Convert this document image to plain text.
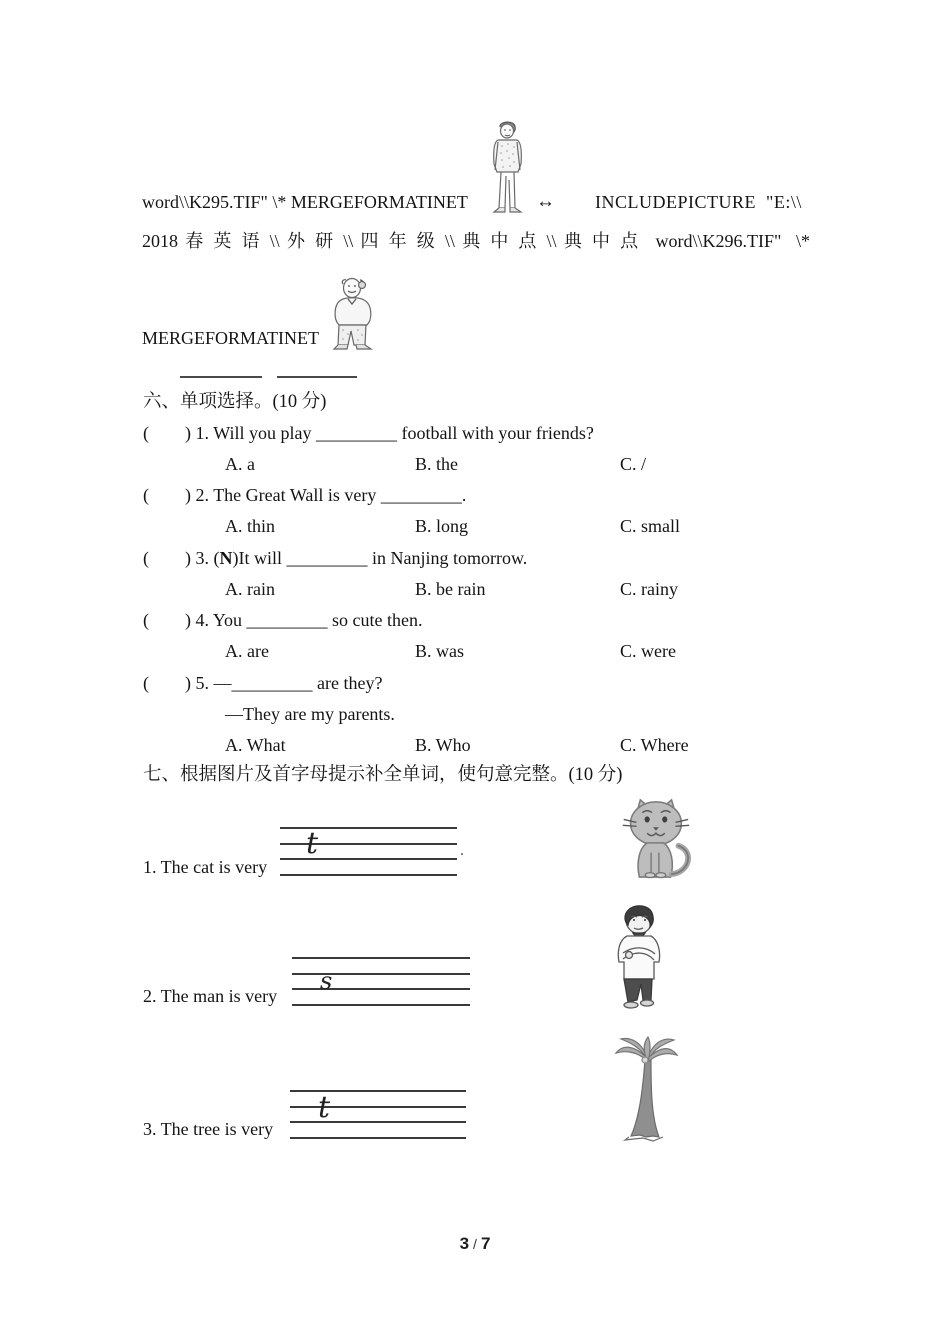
word\\K295.TIF" \* MERGEFORMATINET	↔ INCLUDEPICTURE  "E:\\
2018 春 英 语 \\ 外 研 \\ 四 年 级 \\ 典 中 点 \\ 典 中 点  word\\K296.TIF"  \*
MERGEFORMATINET
六、单项选择。(10 分)
(        ) 1. Will you play _________ football with your friends?

A. a

	B. the

	C. /

(        ) 2. The Great Wall is very _________.

A. thin

	B. long

	C. small

(        ) 3. (N)It will _________ in Nanjing tomorrow.

A. rain

	B. be rain

	C. rainy

(        ) 4. You _________ so cute then.

A. are

	B. was

	C. were

(        ) 5. —_________ are they?
—They are my parents.

A. What

	B. Who

	C. Where

七、根据图片及首字母提示补全单词，使句意完整。(10 分)
t	.
1. The cat is very
s
2. The man is very
t
3. The tree is very
3 / 7
